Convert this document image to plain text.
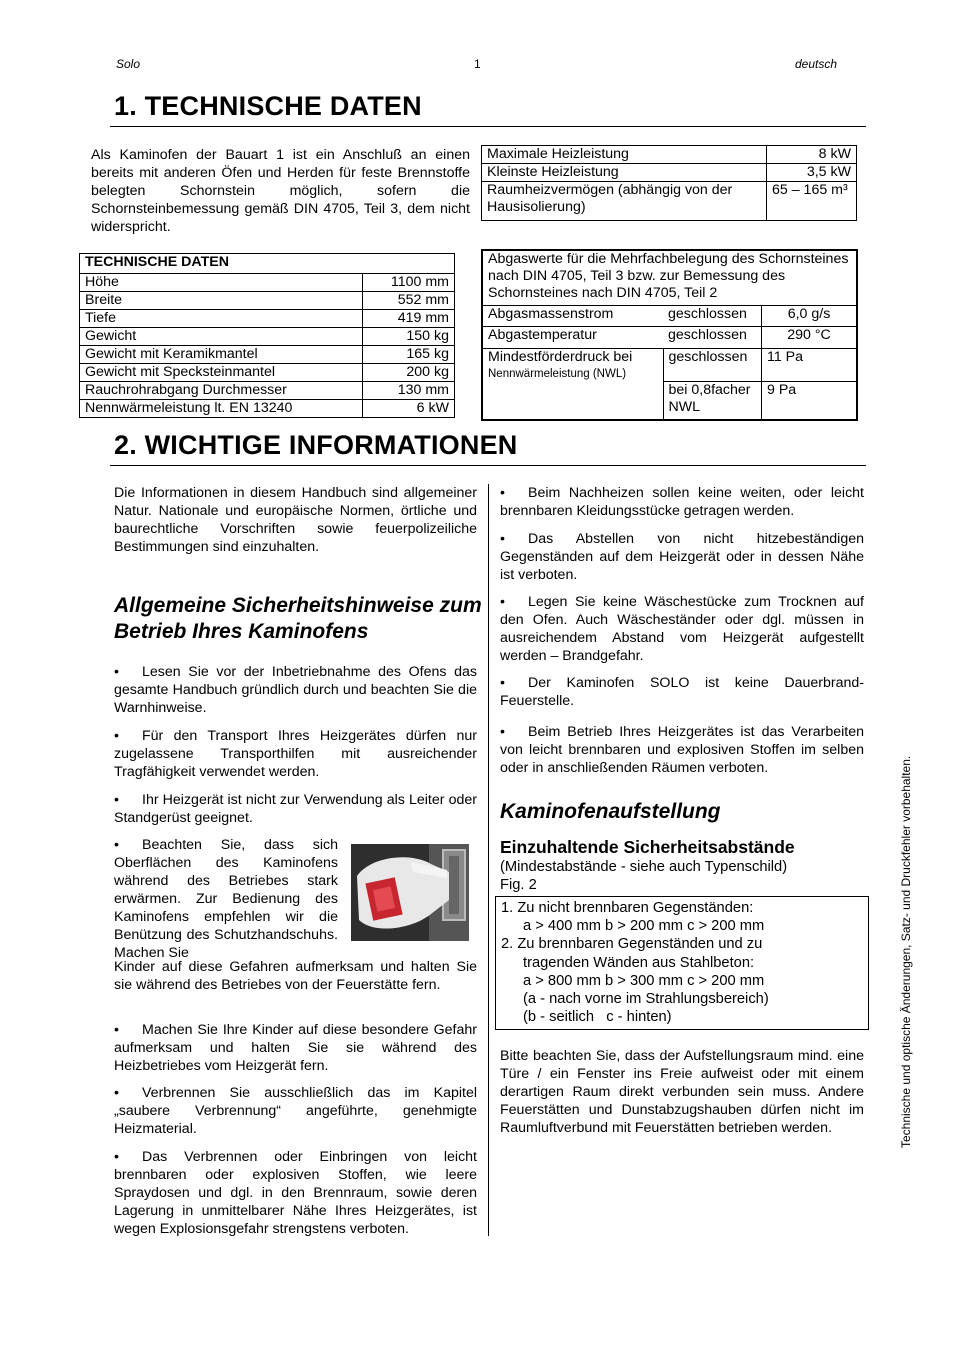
Solo	1	deutsch
1. TECHNISCHE DATEN

Als Kaminofen der Bauart 1 ist ein Anschluß an einen bereits mit anderen Öfen und Herden für feste Brennstoffe belegten Schornstein möglich, sofern die Schornsteinbemessung gemäß DIN 4705, Teil 3, dem nicht widerspricht.

Maximale Heizleistung	8 kW
Kleinste Heizleistung	3,5 kW
Raumheizvermögen (abhängig von der Hausisolierung)	65 – 165 m³
TECHNISCHE DATEN	
Höhe	1100 mm
Breite	552 mm
Tiefe	419 mm
Gewicht	150 kg
Gewicht mit Keramikmantel	165 kg
Gewicht mit Specksteinmantel	200 kg
Rauchrohrabgang Durchmesser	130 mm
Nennwärmeleistung lt. EN 13240	6 kW
Abgaswerte für die Mehrfachbelegung des Schornsteines nach DIN 4705, Teil 3 bzw. zur Bemessung des Schornsteines nach DIN 4705, Teil 2		
Abgasmassenstrom	geschlossen	6,0 g/s
Abgastemperatur	geschlossen	290 °C

Mindestförderdruck bei
Nennwärmeleistung (NWL)	geschlossen	11 Pa
	bei 0,8facher NWL	9 Pa
2. WICHTIGE INFORMATIONEN

Die Informationen in diesem Handbuch sind allgemeiner Natur. Nationale und europäische Normen, örtliche und baurechtliche Vorschriften sowie feuerpolizeiliche Bestimmungen sind einzuhalten.

Allgemeine Sicherheitshinweise zum Betrieb Ihres Kaminofens

• Lesen Sie vor der Inbetriebnahme des Ofens das gesamte Handbuch gründlich durch und beachten Sie die Warnhinweise.

• Für den Transport Ihres Heizgerätes dürfen nur zugelassene Transporthilfen mit ausreichender Tragfähigkeit verwendet werden.

• Ihr Heizgerät ist nicht zur Verwendung als Leiter oder Standgerüst geeignet.

• Beachten Sie, dass sich Oberflächen des Kaminofens während des Betriebes stark erwärmen. Zur Bedienung des Kaminofens empfehlen wir die Benützung des Schutzhandschuhs. Machen Sie

Kinder auf diese Gefahren aufmerksam und halten Sie sie während des Betriebes von der Feuerstätte fern.

• Machen Sie Ihre Kinder auf diese besondere Gefahr aufmerksam und halten Sie sie während des Heizbetriebes vom Heizgerät fern.

• Verbrennen Sie ausschließlich das im Kapitel „saubere Verbrennung“ angeführte, genehmigte Heizmaterial.

• Das Verbrennen oder Einbringen von leicht brennbaren oder explosiven Stoffen, wie leere Spraydosen und dgl. in den Brennraum, sowie deren Lagerung in unmittelbarer Nähe Ihres Heizgerätes, ist wegen Explosionsgefahr strengstens verboten.

• Beim Nachheizen sollen keine weiten, oder leicht brennbaren Kleidungsstücke getragen werden.

• Das Abstellen von nicht hitzebeständigen Gegenständen auf dem Heizgerät oder in dessen Nähe ist verboten.

• Legen Sie keine Wäschestücke zum Trocknen auf den Ofen. Auch Wäscheständer oder dgl. müssen in ausreichendem Abstand vom Heizgerät aufgestellt werden – Brandgefahr.

• Der Kaminofen SOLO ist keine Dauerbrand-Feuerstelle.

• Beim Betrieb Ihres Heizgerätes ist das Verarbeiten von leicht brennbaren und explosiven Stoffen im selben oder in anschließenden Räumen verboten.

Kaminofenaufstellung

Einzuhaltende Sicherheitsabstände

(Mindestabstände - siehe auch Typenschild)
Fig. 2
1. Zu nicht brennbaren Gegenständen:
a > 400 mm b > 200 mm c > 200 mm
2. Zu brennbaren Gegenständen und zu
tragenden Wänden aus Stahlbeton:
a > 800 mm b > 300 mm c > 200 mm
(a - nach vorne im Strahlungsbereich)
(b - seitlich   c - hinten)

Bitte beachten Sie, dass der Aufstellungsraum mind. eine Türe / ein Fenster ins Freie aufweist oder mit einem derartigen Raum direkt verbunden sein muss. Andere Feuerstätten und Dunstabzugshauben dürfen nicht im Raumluftverbund mit Feuerstätten betrieben werden.	Technische und optische Änderungen, Satz- und Druckfehler vorbehalten.
